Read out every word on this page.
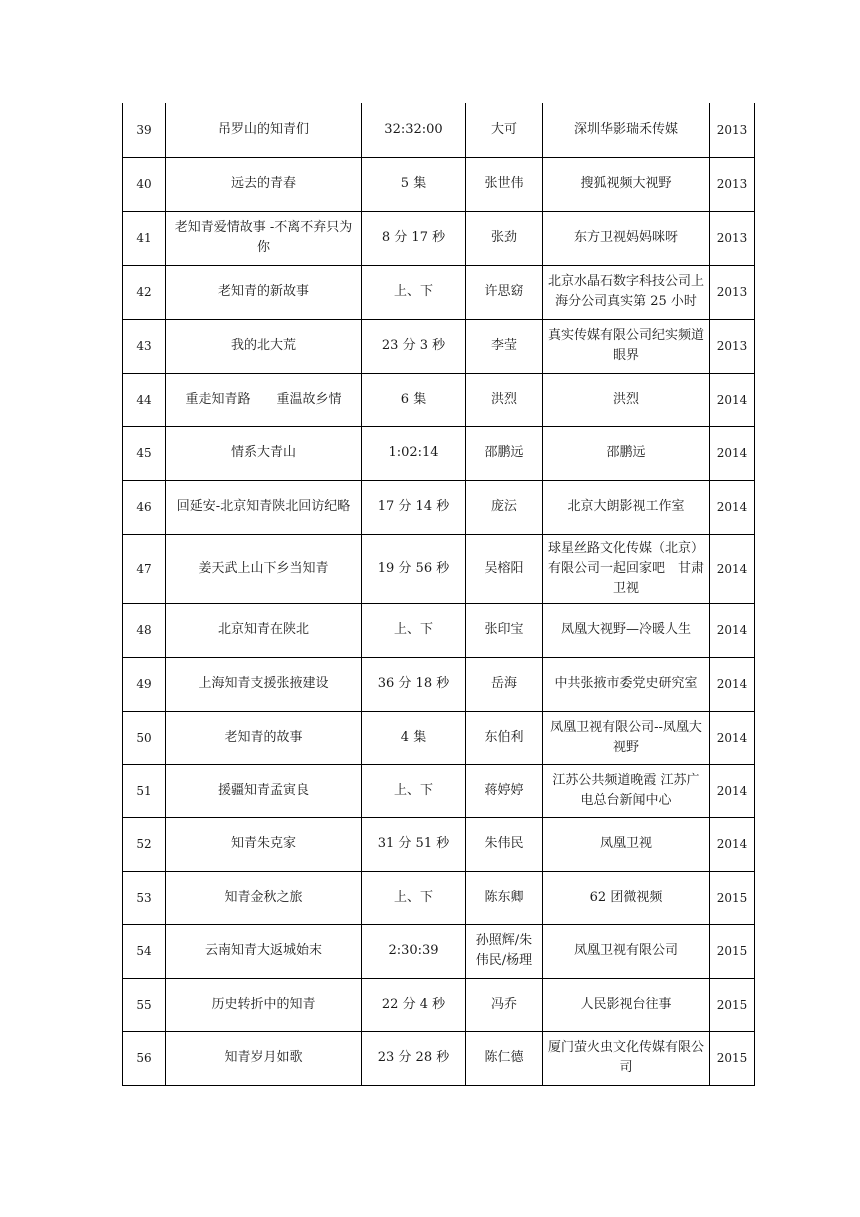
39	吊罗山的知青们	32:32:00	大可	深圳华影瑞禾传媒	2013
40	远去的青春	5 集	张世伟	搜狐视频大视野	2013
41	老知青爱情故事 -不离不弃只为你	8 分 17 秒	张劲	东方卫视妈妈咪呀	2013
42	老知青的新故事	上、下	许思窈	北京水晶石数字科技公司上海分公司真实第 25 小时	2013
43	我的北大荒	23 分 3 秒	李莹	真实传媒有限公司纪实频道眼界	2013
44	重走知青路　　重温故乡情	6 集	洪烈	洪烈	2014
45	情系大青山	1:02:14	邵鹏远	邵鹏远	2014
46	回延安-北京知青陕北回访纪略	17 分 14 秒	庞沄	北京大朗影视工作室	2014
47	姜天武上山下乡当知青	19 分 56 秒	吴榕阳	球星丝路文化传媒（北京）有限公司一起回家吧　甘肃卫视	2014
48	北京知青在陕北	上、下	张印宝	凤凰大视野—冷暖人生	2014
49	上海知青支援张掖建设	36 分 18 秒	岳海	中共张掖市委党史研究室	2014
50	老知青的故事	4 集	东伯利	凤凰卫视有限公司--凤凰大视野	2014
51	援疆知青孟寅良	上、下	蒋婷婷	江苏公共频道晚霞 江苏广电总台新闻中心	2014
52	知青朱克家	31 分 51 秒	朱伟民	凤凰卫视	2014
53	知青金秋之旅	上、下	陈东卿	62 团微视频	2015
54	云南知青大返城始末	2:30:39	孙照辉/朱伟民/杨理	凤凰卫视有限公司	2015
55	历史转折中的知青	22 分 4 秒	冯乔	人民影视台往事	2015
56	知青岁月如歌	23 分 28 秒	陈仁德	厦门萤火虫文化传媒有限公司	2015
